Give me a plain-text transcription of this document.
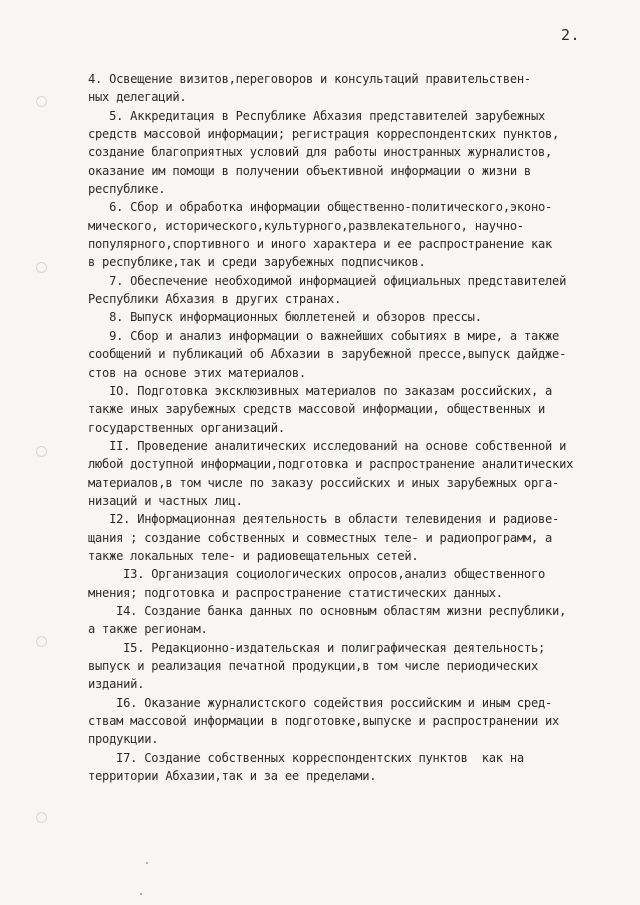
2.
4. Освещение визитов,переговоров и консультаций правительствен-
ных делегаций.
5. Аккредитация в Республике Абхазия представителей зарубежных
средств массовой информации; регистрация корреспондентских пунктов,
создание благоприятных условий для работы иностранных журналистов,
оказание им помощи в получении объективной информации о жизни в
республике.
6. Сбор и обработка информации общественно-политического,эконо-
мического, исторического,культурного,развлекательного, научно-
популярного,спортивного и иного характера и ее распространение как
в республике,так и среди зарубежных подписчиков.
7. Обеспечение необходимой информацией официальных представителей
Республики Абхазия в других странах.
8. Выпуск информационных бюллетеней и обзоров прессы.
9. Сбор и анализ информации о важнейших событиях в мире, а также
сообщений и публикаций об Абхазии в зарубежной прессе,выпуск дайдже-
стов на основе этих материалов.
IO. Подготовка эксклюзивных материалов по заказам российских, а
также иных зарубежных средств массовой информации, общественных и
государственных организаций.
II. Проведение аналитических исследований на основе собственной и
любой доступной информации,подготовка и распространение аналитических
материалов,в том числе по заказу российских и иных зарубежных орга-
низаций и частных лиц.
I2. Информационная деятельность в области телевидения и радиове-
щания ; создание собственных и совместных теле- и радиопрограмм, а
также локальных теле- и радиовещательных сетей.
I3. Организация социологических опросов,анализ общественного
мнения; подготовка и распространение статистических данных.
I4. Создание банка данных по основным областям жизни республики,
а также регионам.
I5. Редакционно-издательская и полиграфическая деятельность;
выпуск и реализация печатной продукции,в том числе периодических
изданий.
I6. Оказание журналистского содействия российским и иным сред-
ствам массовой информации в подготовке,выпуске и распространении их
продукции.
I7. Создание собственных корреспондентских пунктов  как на
территории Абхазии,так и за ее пределами.
